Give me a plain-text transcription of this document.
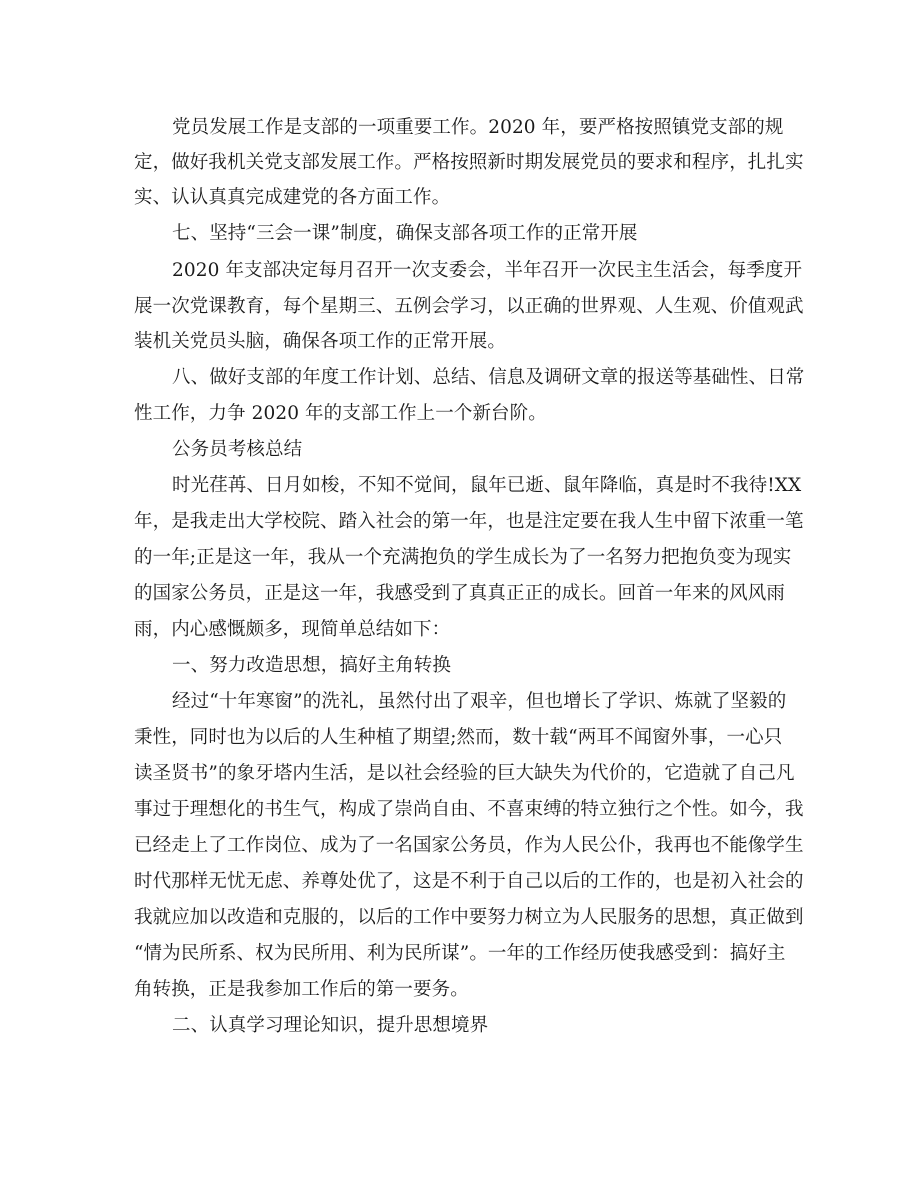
党员发展工作是支部的一项重要工作。2020 年，要严格按照镇党支部的规
定，做好我机关党支部发展工作。严格按照新时期发展党员的要求和程序，扎扎实
实、认认真真完成建党的各方面工作。
七、坚持“三会一课”制度，确保支部各项工作的正常开展
2020 年支部决定每月召开一次支委会，半年召开一次民主生活会，每季度开
展一次党课教育，每个星期三、五例会学习，以正确的世界观、人生观、价值观武
装机关党员头脑，确保各项工作的正常开展。
八、做好支部的年度工作计划、总结、信息及调研文章的报送等基础性、日常
性工作，力争 2020 年的支部工作上一个新台阶。
公务员考核总结
时光荏苒、日月如梭，不知不觉间，鼠年已逝、鼠年降临，真是时不我待!XX
年，是我走出大学校院、踏入社会的第一年，也是注定要在我人生中留下浓重一笔
的一年;正是这一年，我从一个充满抱负的学生成长为了一名努力把抱负变为现实
的国家公务员，正是这一年，我感受到了真真正正的成长。回首一年来的风风雨
雨，内心感慨颇多，现简单总结如下：
一、努力改造思想，搞好主角转换
经过“十年寒窗”的洗礼，虽然付出了艰辛，但也增长了学识、炼就了坚毅的
秉性，同时也为以后的人生种植了期望;然而，数十载“两耳不闻窗外事，一心只
读圣贤书”的象牙塔内生活，是以社会经验的巨大缺失为代价的，它造就了自己凡
事过于理想化的书生气，构成了崇尚自由、不喜束缚的特立独行之个性。如今，我
已经走上了工作岗位、成为了一名国家公务员，作为人民公仆，我再也不能像学生
时代那样无忧无虑、养尊处优了，这是不利于自己以后的工作的，也是初入社会的
我就应加以改造和克服的，以后的工作中要努力树立为人民服务的思想，真正做到
“情为民所系、权为民所用、利为民所谋”。一年的工作经历使我感受到：搞好主
角转换，正是我参加工作后的第一要务。
二、认真学习理论知识，提升思想境界
